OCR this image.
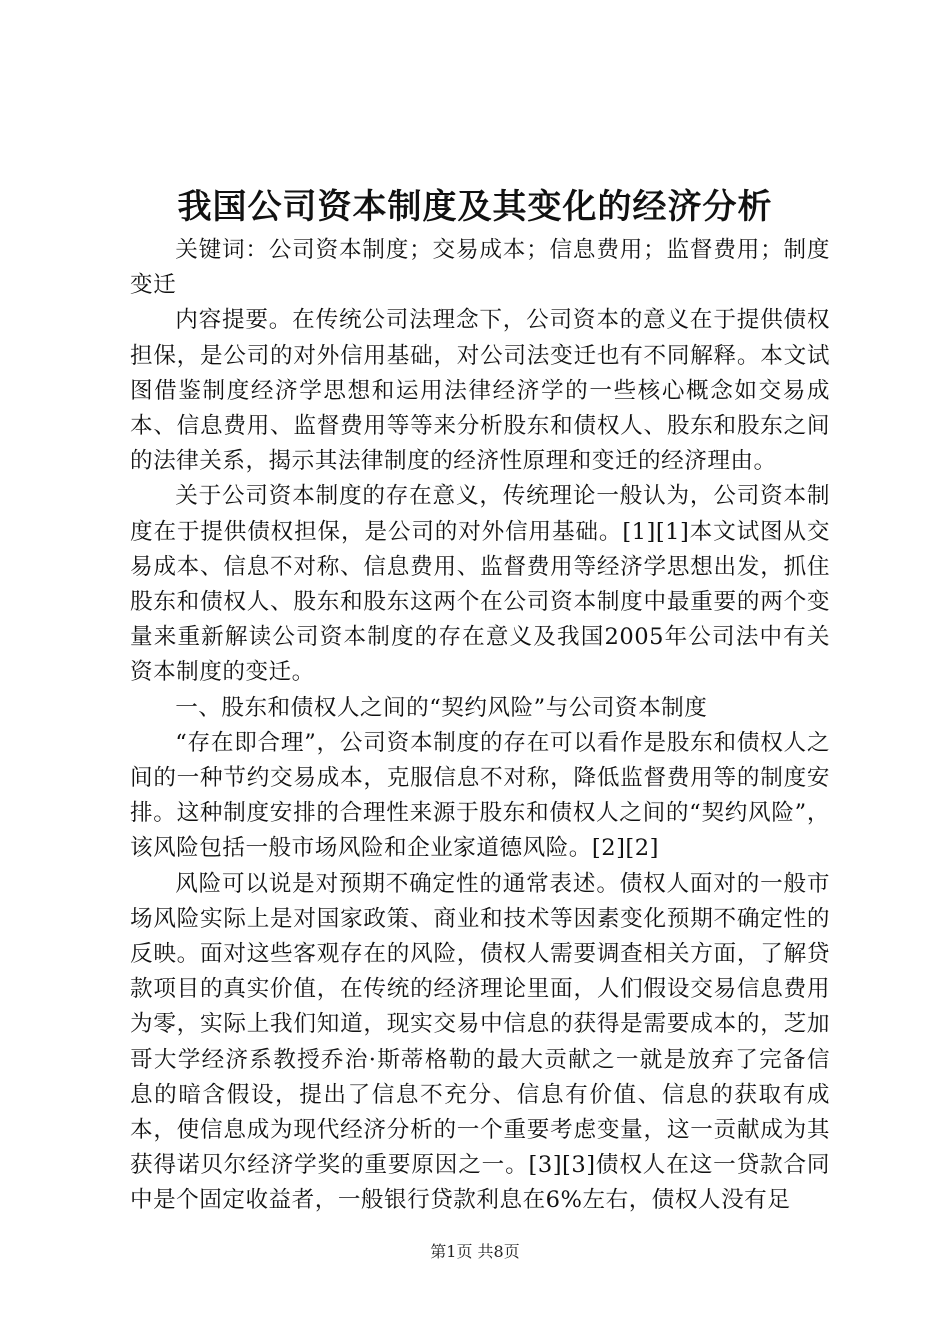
我国公司资本制度及其变化的经济分析

关键词：公司资本制度；交易成本；信息费用；监督费用；制度变迁

内容提要。在传统公司法理念下，公司资本的意义在于提供债权担保，是公司的对外信用基础，对公司法变迁也有不同解释。本文试图借鉴制度经济学思想和运用法律经济学的一些核心概念如交易成本、信息费用、监督费用等等来分析股东和债权人、股东和股东之间的法律关系，揭示其法律制度的经济性原理和变迁的经济理由。

关于公司资本制度的存在意义，传统理论一般认为，公司资本制度在于提供债权担保，是公司的对外信用基础。[1][1]本文试图从交易成本、信息不对称、信息费用、监督费用等经济学思想出发，抓住股东和债权人、股东和股东这两个在公司资本制度中最重要的两个变量来重新解读公司资本制度的存在意义及我国2005年公司法中有关资本制度的变迁。

一、股东和债权人之间的“契约风险”与公司资本制度

“存在即合理”，公司资本制度的存在可以看作是股东和债权人之间的一种节约交易成本，克服信息不对称，降低监督费用等的制度安排。这种制度安排的合理性来源于股东和债权人之间的“契约风险”，该风险包括一般市场风险和企业家道德风险。[2][2]

风险可以说是对预期不确定性的通常表述。债权人面对的一般市场风险实际上是对国家政策、商业和技术等因素变化预期不确定性的反映。面对这些客观存在的风险，债权人需要调查相关方面，了解贷款项目的真实价值，在传统的经济理论里面，人们假设交易信息费用为零，实际上我们知道，现实交易中信息的获得是需要成本的，芝加哥大学经济系教授乔治·斯蒂格勒的最大贡献之一就是放弃了完备信息的暗含假设，提出了信息不充分、信息有价值、信息的获取有成本，使信息成为现代经济分析的一个重要考虑变量，这一贡献成为其获得诺贝尔经济学奖的重要原因之一。[3][3]债权人在这一贷款合同中是个固定收益者，一般银行贷款利息在6%左右，债权人没有足

第1页 共8页
